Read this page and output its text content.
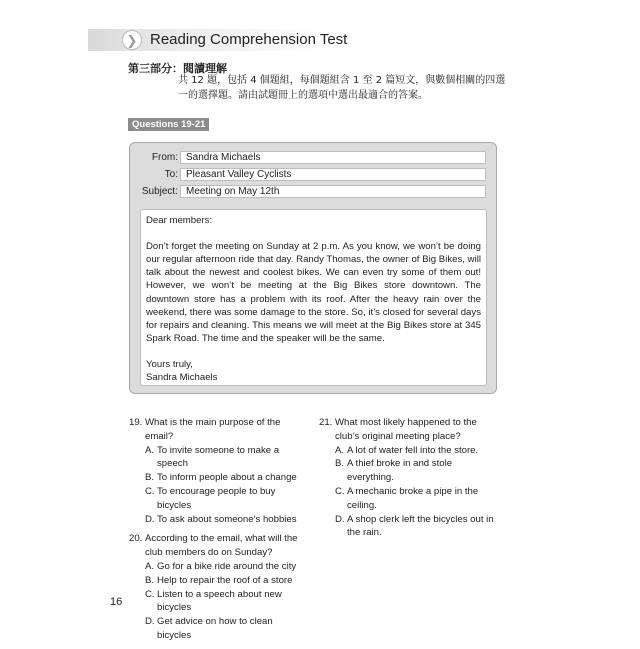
❯ Reading Comprehension Test
第三部分：閱讀理解
共 12 題，包括 4 個題組，每個題組含 1 至 2 篇短文，與數個相關的四選一的選擇題。請由試題冊上的選項中選出最適合的答案。
Questions 19-21
From: Sandra Michaels
To: Pleasant Valley Cyclists
Subject: Meeting on May 12th

Dear members:

Don’t forget the meeting on Sunday at 2 p.m. As you know, we won’t be doing our regular afternoon ride that day. Randy Thomas, the owner of Big Bikes, will talk about the newest and coolest bikes. We can even try some of them out! However, we won’t be meeting at the Big Bikes store downtown. The downtown store has a problem with its roof. After the heavy rain over the weekend, there was some damage to the store. So, it’s closed for several days for repairs and cleaning. This means we will meet at the Big Bikes store at 345 Spark Road. The time and the speaker will be the same.

Yours truly,

Sandra Michaels

19. What is the main purpose of the email?
A. To invite someone to make a speech
B. To inform people about a change
C. To encourage people to buy bicycles
D. To ask about someone’s hobbies
20. According to the email, what will the club members do on Sunday?
A. Go for a bike ride around the city
B. Help to repair the roof of a store
C. Listen to a speech about new bicycles
D. Get advice on how to clean bicycles
21. What most likely happened to the club’s original meeting place?
A. A lot of water fell into the store.
B. A thief broke in and stole everything.
C. A mechanic broke a pipe in the ceiling.
D. A shop clerk left the bicycles out in the rain.
16
